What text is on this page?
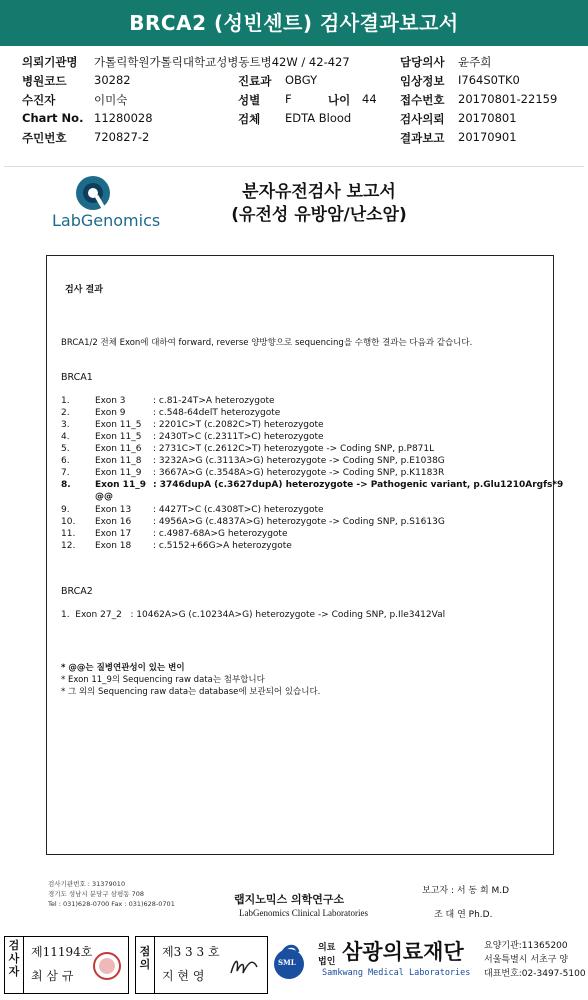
BRCA2 (성빈센트) 검사결과보고서
의뢰기관명 가톨릭학원가톨릭대학교성병동트병42W / 42-427	담당의사 윤주희
병원코드 30282	진료과 OBGY	임상정보 I764S0TK0
수진자	이미숙	성별 F	나이 44 접수번호 20170801-22159
Chart No. 11280028	검체 EDTA Blood	검사의뢰 20170801
주민번호 720827-2	결과보고 20170901
LabGenomics
분자유전검사 보고서
(유전성 유방암/난소암)
검사 결과
BRCA1/2 전체 Exon에 대하여 forward, reverse 양방향으로 sequencing을 수행한 결과는 다음과 같습니다.
BRCA1
1.	Exon 3	: c.81-24T>A heterozygote
2.	Exon 9	: c.548-64delT heterozygote
3.	Exon 11_5 : 2201C>T (c.2082C>T) heterozygote
4.	Exon 11_5 : 2430T>C (c.2311T>C) heterozygote
5.	Exon 11_6 : 2731C>T (c.2612C>T) heterozygote -> Coding SNP, p.P871L
6.	Exon 11_8 : 3232A>G (c.3113A>G) heterozygote -> Coding SNP, p.E1038G
7.	Exon 11_9 : 3667A>G (c.3548A>G) heterozygote -> Coding SNP, p.K1183R
8.	Exon 11_9 : 3746dupA (c.3627dupA) heterozygote -> Pathogenic variant, p.Glu1210Argfs*9
@@
9.	Exon 13 : 4427T>C (c.4308T>C) heterozygote
10. Exon 16 : 4956A>G (c.4837A>G) heterozygote -> Coding SNP, p.S1613G
11. Exon 17 : c.4987-68A>G heterozygote
12. Exon 18 : c.5152+66G>A heterozygote
BRCA2
1.  Exon 27_2   : 10462A>G (c.10234A>G) heterozygote -> Coding SNP, p.Ile3412Val
* @@는 질병연관성이 있는 변이
* Exon 11_9의 Sequencing raw data는 첨부합니다
* 그 외의 Sequencing raw data는 database에 보관되어 있습니다.
검사기관번호 : 31379010
경기도 성남시 분당구 삼평동 708
Tel : 031)628-0700 Fax : 031)628-0701	랩지노믹스 의학연구소
LabGenomics Clinical Laboratories
보고자 : 서 동 희 M.D
조 대 연 Ph.D.
검사자
제11194호
최 삼 규
점의
제3 3 3 호
지 현 영
SML
의료
법인 삼광의료재단
Samkwang Medical Laboratories
요양기관:11365200
서울특별시 서초구 양
대표번호:02-3497-5100
